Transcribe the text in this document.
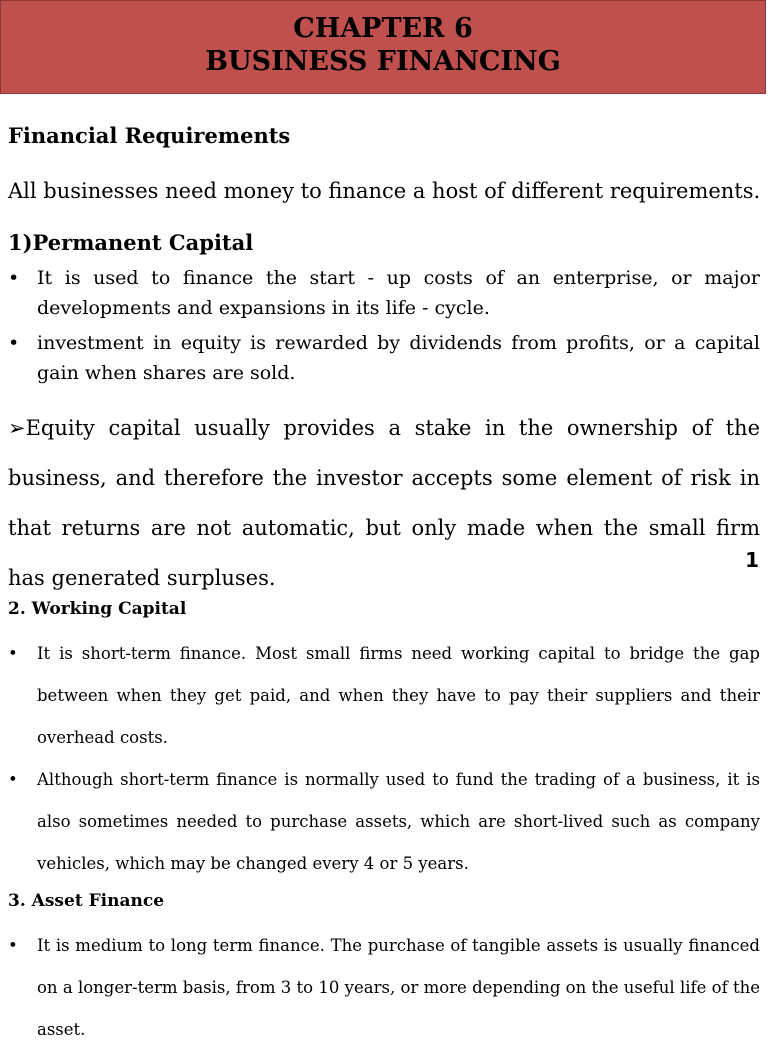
CHAPTER 6
BUSINESS FINANCING
Financial Requirements
All businesses need money to finance a host of different requirements.
1)Permanent Capital
• It is used to finance the start - up costs of an enterprise, or major developments and expansions in its life - cycle.
• investment in equity is rewarded by dividends from profits, or a capital gain when shares are sold.
➢Equity capital usually provides a stake in the ownership of the business, and therefore the investor accepts some element of risk in that returns are not automatic, but only made when the small firm has generated surpluses.
1
2. Working Capital
• It is short-term finance. Most small firms need working capital to bridge the gap between when they get paid, and when they have to pay their suppliers and their overhead costs.
• Although short-term finance is normally used to fund the trading of a business, it is also sometimes needed to purchase assets, which are short-lived such as company vehicles, which may be changed every 4 or 5 years.
3. Asset Finance
• It is medium to long term finance. The purchase of tangible assets is usually financed on a longer-term basis, from 3 to 10 years, or more depending on the useful life of the asset.
